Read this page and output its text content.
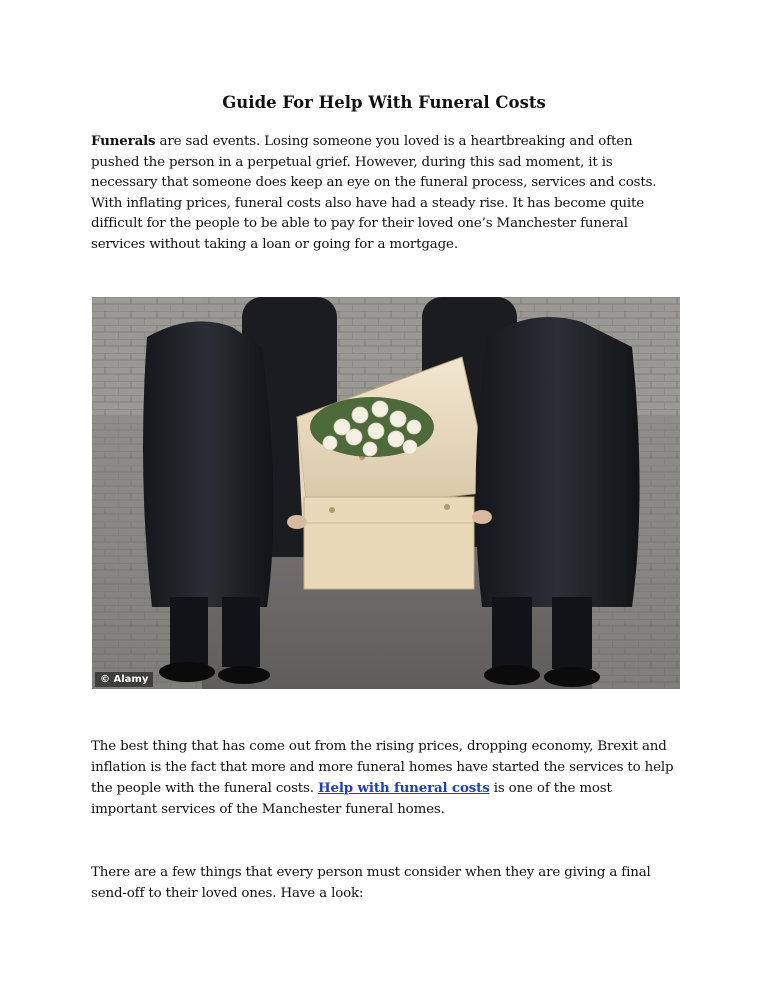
Guide For Help With Funeral Costs

Funerals are sad events. Losing someone you loved is a heartbreaking and often pushed the person in a perpetual grief. However, during this sad moment, it is necessary that someone does keep an eye on the funeral process, services and costs. With inflating prices, funeral costs also have had a steady rise. It has become quite difficult for the people to be able to pay for their loved one’s Manchester funeral services without taking a loan or going for a mortgage.

© Alamy

The best thing that has come out from the rising prices, dropping economy, Brexit and inflation is the fact that more and more funeral homes have started the services to help the people with the funeral costs. Help with funeral costs is one of the most important services of the Manchester funeral homes.

There are a few things that every person must consider when they are giving a final send-off to their loved ones. Have a look:
